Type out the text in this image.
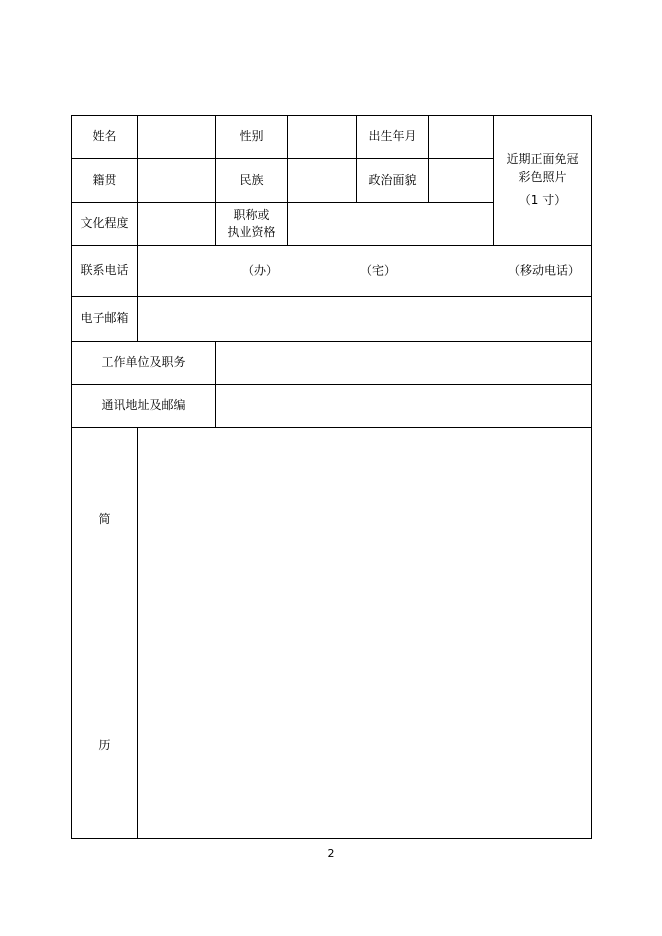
姓名		性别		出生年月		近期正面免冠
彩色照片
（1 寸）

籍贯		民族		政治面貌		
文化程度		职称或
执业资格				
联系电话	（办） （宅） （移动电话）					

电子邮箱						
工作单位及职务						
通讯地址及邮编						

简
历						

2
